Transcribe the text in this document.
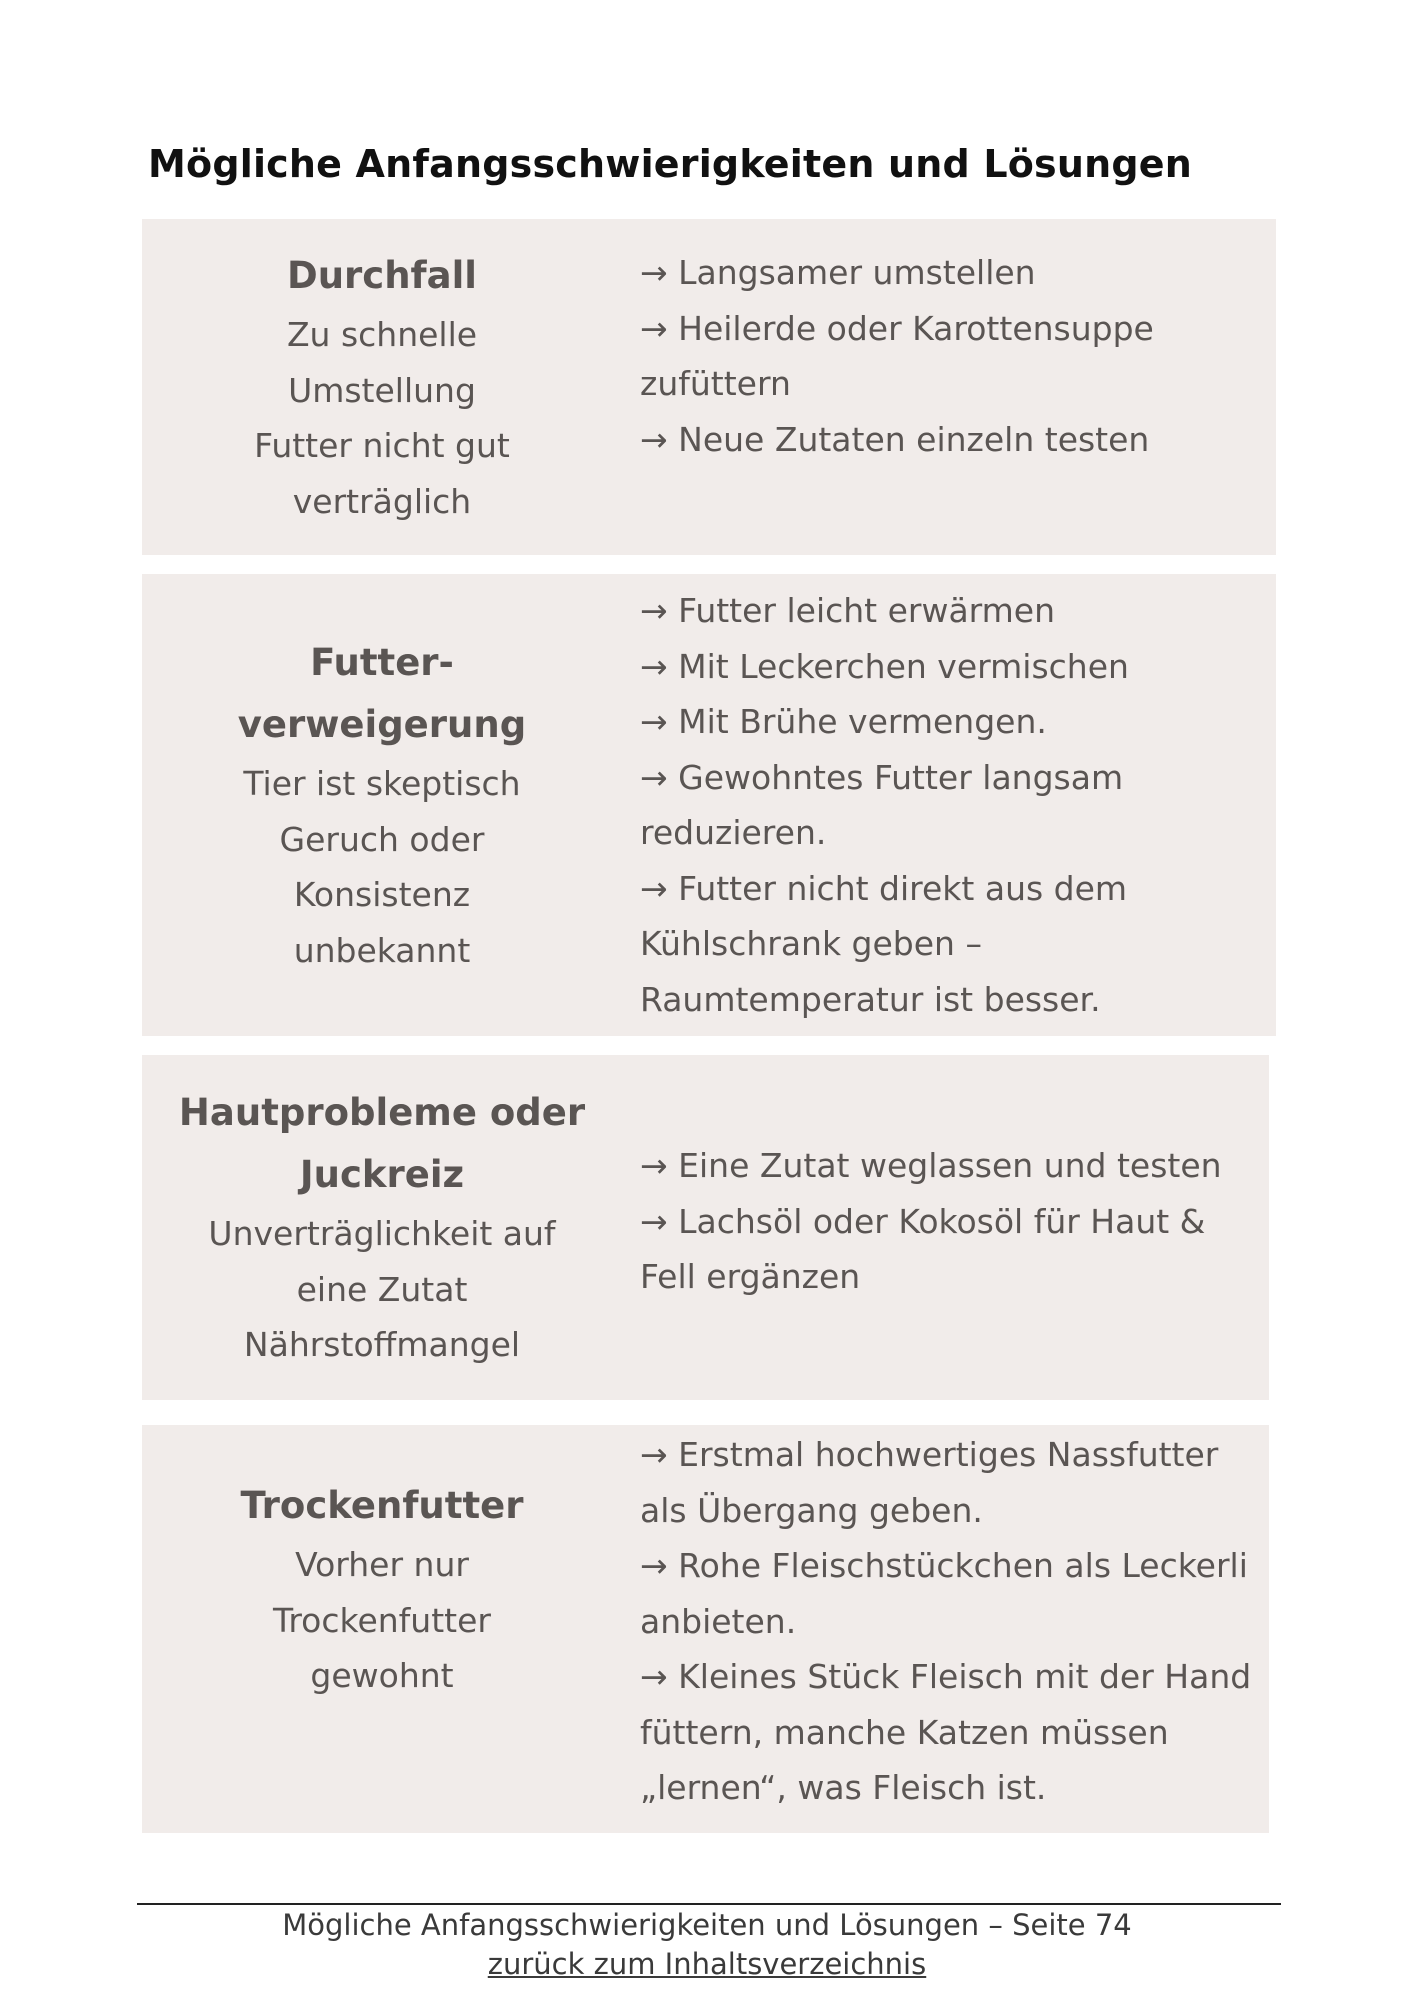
Mögliche Anfangsschwierigkeiten und Lösungen
Durchfall
Zu schnelle
Umstellung
Futter nicht gut
verträglich
→ Langsamer umstellen
→ Heilerde oder Karottensuppe
zufüttern
→ Neue Zutaten einzeln testen
Futter-
verweigerung
Tier ist skeptisch
Geruch oder
Konsistenz
unbekannt
→ Futter leicht erwärmen
→ Mit Leckerchen vermischen
→ Mit Brühe vermengen.
→ Gewohntes Futter langsam
reduzieren.
→ Futter nicht direkt aus dem
Kühlschrank geben –
Raumtemperatur ist besser.
Hautprobleme oder
Juckreiz
Unverträglichkeit auf
eine Zutat
Nährstoffmangel
→ Eine Zutat weglassen und testen
→ Lachsöl oder Kokosöl für Haut &
Fell ergänzen
Trockenfutter
Vorher nur
Trockenfutter
gewohnt
→ Erstmal hochwertiges Nassfutter
als Übergang geben.
→ Rohe Fleischstückchen als Leckerli
anbieten.
→ Kleines Stück Fleisch mit der Hand
füttern, manche Katzen müssen
„lernen“, was Fleisch ist.
Mögliche Anfangsschwierigkeiten und Lösungen – Seite 74
zurück zum Inhaltsverzeichnis
